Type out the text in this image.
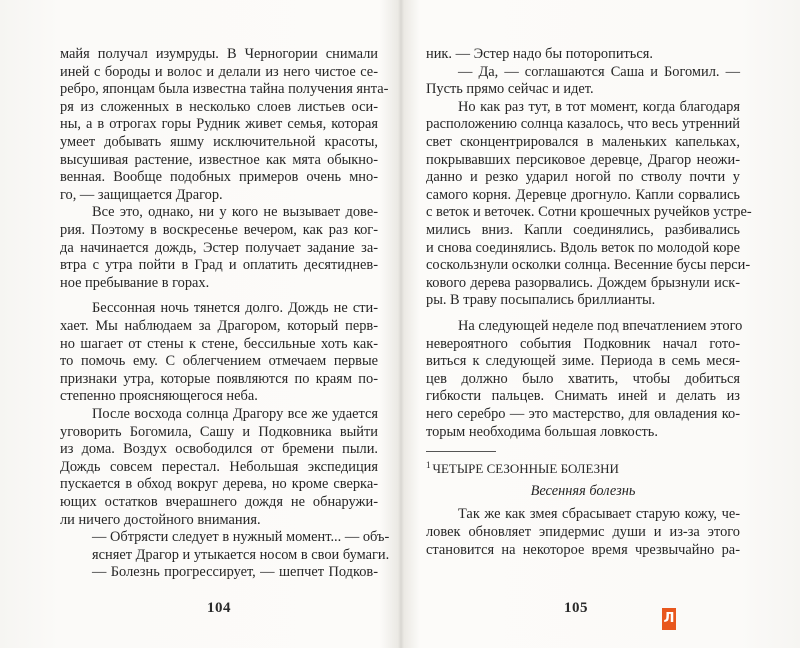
майя получал изумруды. В Черногории снимали
иней с бороды и волос и делали из него чистое се-
ребро, японцам была известна тайна получения янта-
ря из сложенных в несколько слоев листьев оси-
ны, а в отрогах горы Рудник живет семья, которая
умеет добывать яшму исключительной красоты,
высушивая растение, известное как мята обыкно-
венная. Вообще подобных примеров очень мно-
го, — защищается Драгор.
Все это, однако, ни у кого не вызывает довe-
рия. Поэтому в воскресенье вечером, как раз ког-
да начинается дождь, Эстер получает задание за-
втра с утра пойти в Град и оплатить десятиднев-
ное пребывание в горах.
Бессонная ночь тянется долго. Дождь не сти-
хает. Мы наблюдаем за Драгором, который перв-
но шагает от стены к стене, бессильные хоть как-
то помочь ему. С облегчением отмечаем первые
признаки утра, которые появляются по краям по-
степенно проясняющегося неба.
После восхода солнца Драгору все же удается
уговорить Богомила, Сашу и Подковника выйти
из дома. Воздух освободился от бремени пыли.
Дождь совсем перестал. Небольшая экспедиция
пускается в обход вокруг дерева, но кроме сверка-
ющих остатков вчерашнего дождя не обнаружи-
ли ничего достойного внимания.
— Обтрясти следует в нужный момент... — объ-
ясняет Драгор и утыкается носом в свои бумаги.
— Болезнь прогрессирует, — шепчет Подков-
104
ник. — Эстер надо бы поторопиться.
— Да, — соглашаются Саша и Богомил. —
Пусть прямо сейчас и идет.
Но как раз тут, в тот момент, когда благодаря
расположению солнца казалось, что весь утренний
свет сконцентрировался в маленьких капельках,
покрывавших персиковое деревце, Драгор неожи-
данно и резко ударил ногой по стволу почти у
самого корня. Деревце дрогнуло. Капли сорвались
с веток и веточек. Сотни крошечных ручейков устре-
мились вниз. Капли соединялись, разбивались
и снова соединялись. Вдоль веток по молодой коре
соскользнули осколки солнца. Весенние бусы перси-
кового дерева разорвались. Дождем брызнули иск-
ры. В траву посыпались бриллианты.
На следующей неделе под впечатлением этого
невероятного события Подковник начал гото-
виться к следующей зиме. Периода в семь меся-
цев должно было хватить, чтобы добиться
гибкости пальцев. Снимать иней и делать из
него серебро — это мастерство, для овладения ко-
торым необходима большая ловкость.
$^1$ ЧЕТЫРЕ СЕЗОННЫЕ БОЛЕЗНИ
Весенняя болезнь
Так же как змея сбрасывает старую кожу, че-
ловек обновляет эпидермис души и из-за этого
становится на некоторое время чрезвычайно ра-
105
Л
